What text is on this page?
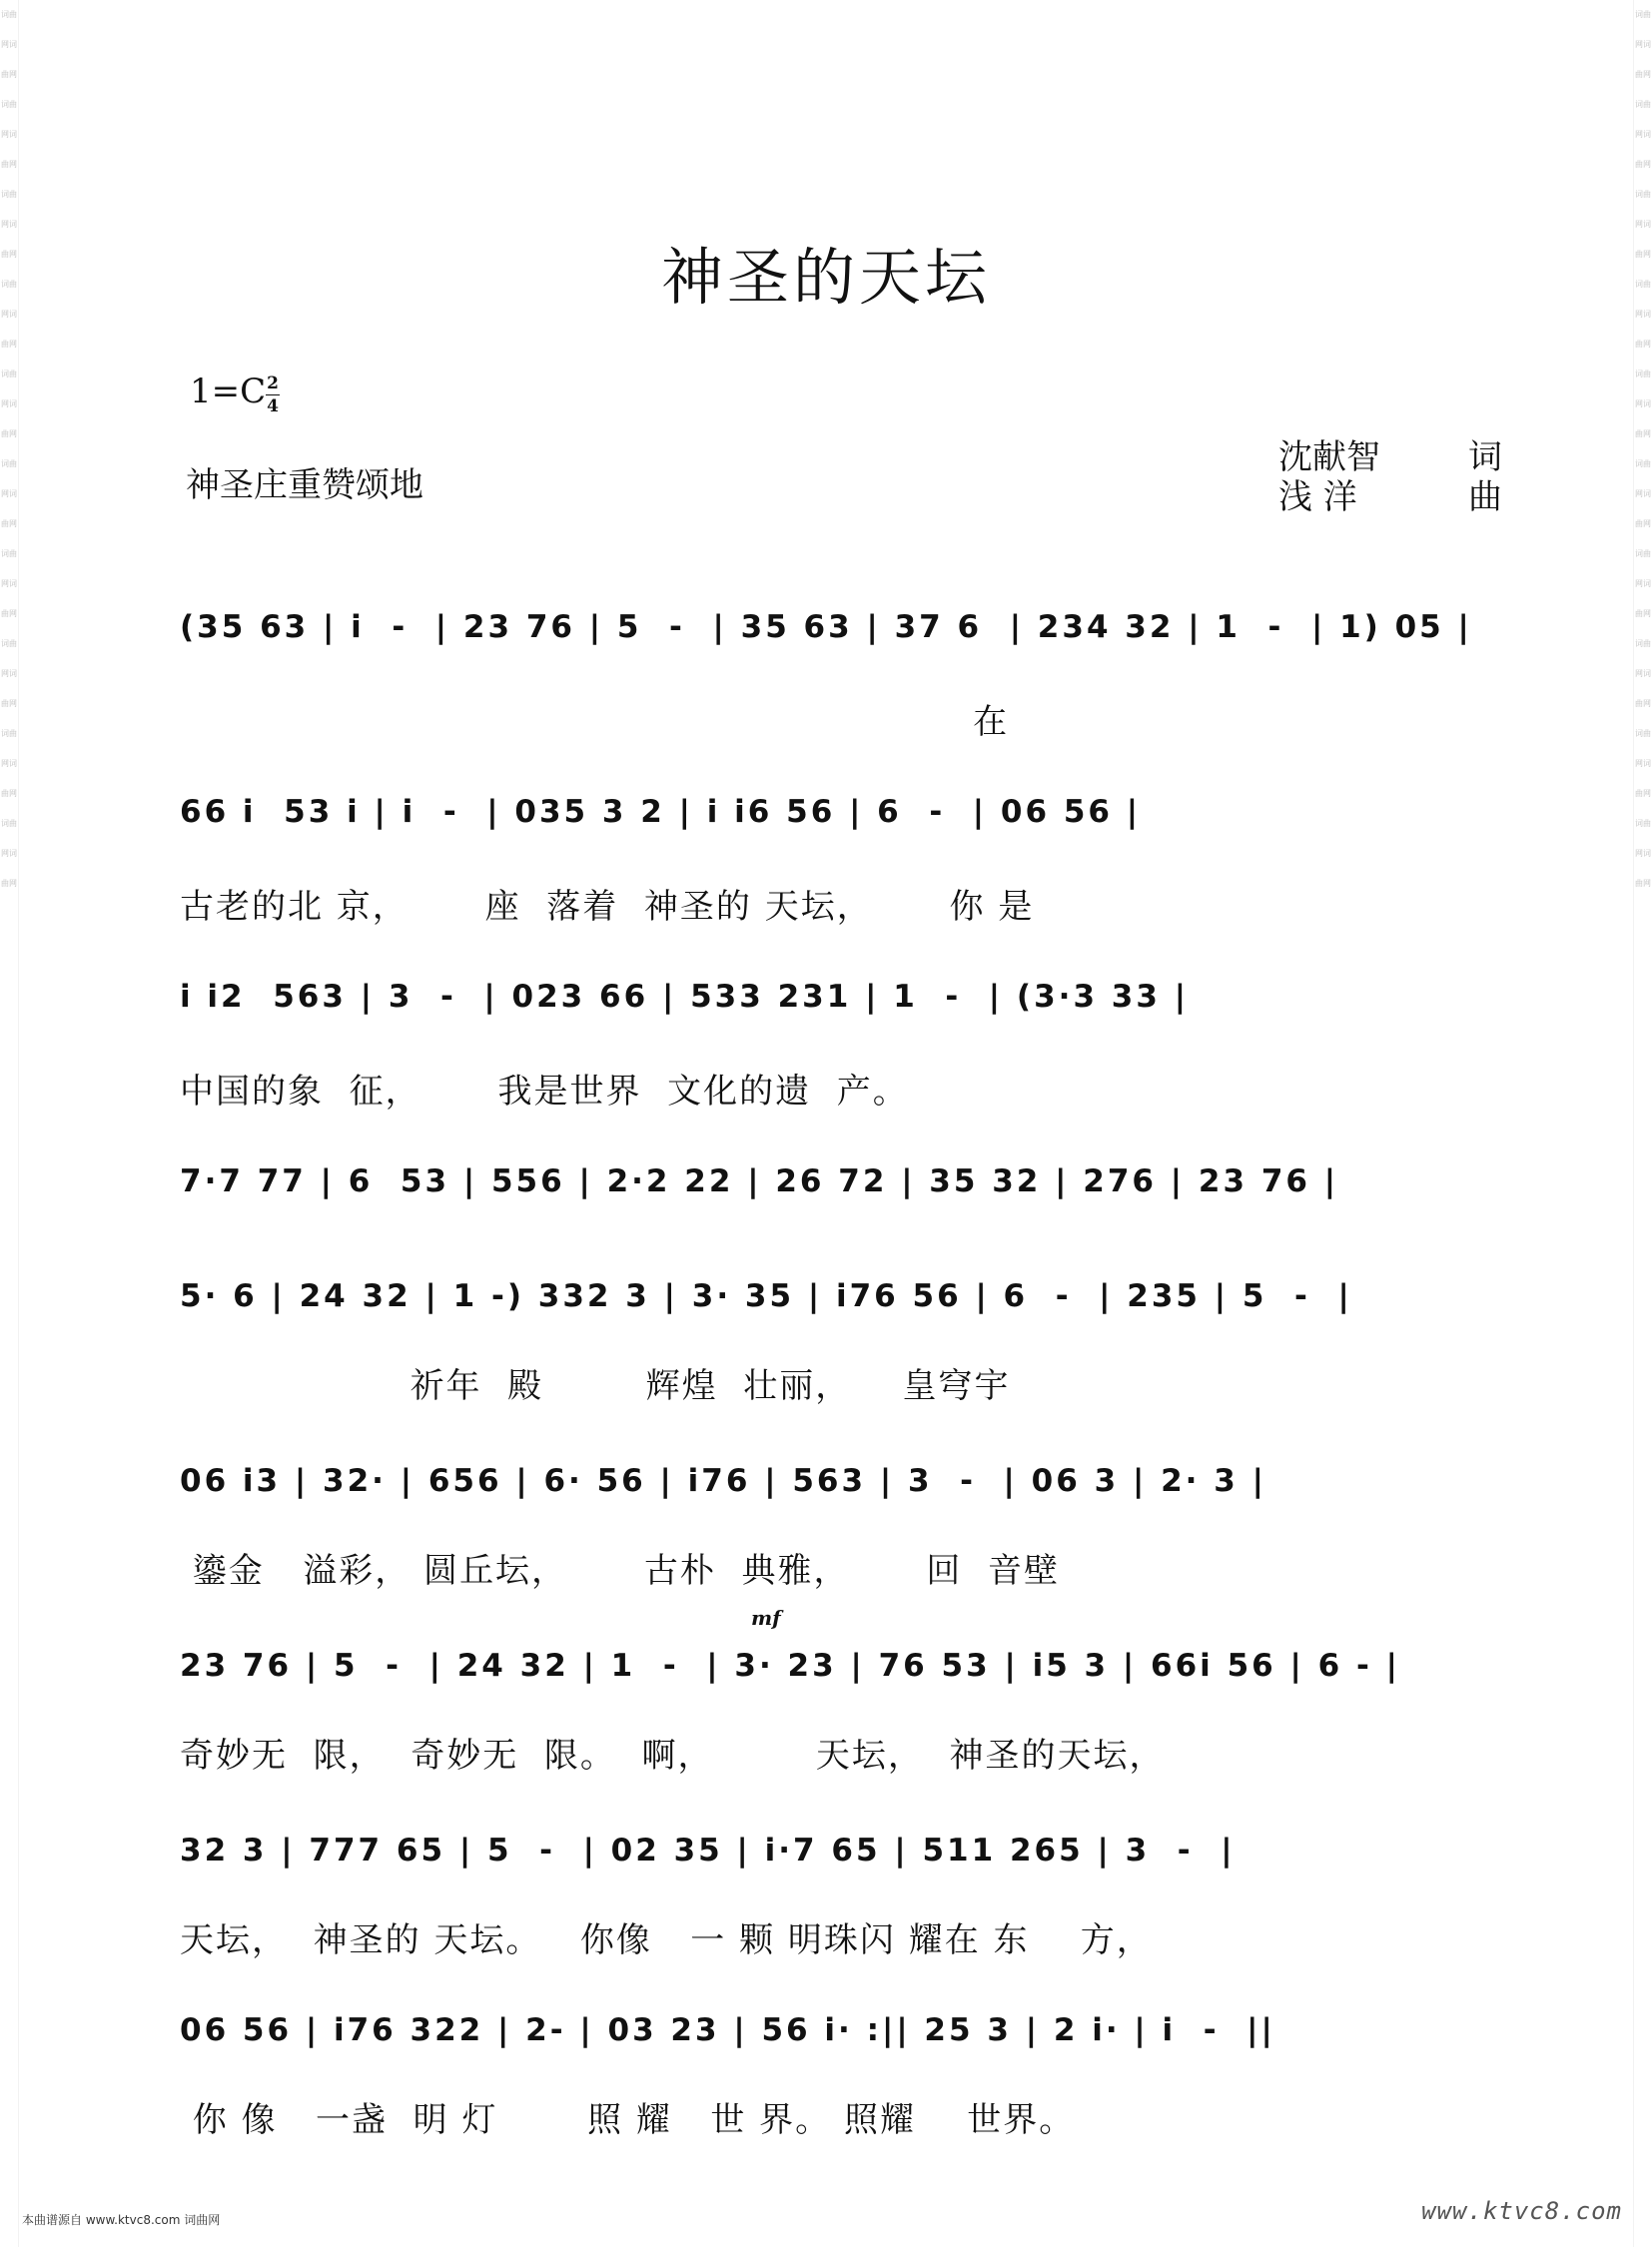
词曲网词曲网词曲网词曲网词曲网词曲网词曲网词曲网词曲网词曲网词曲网词曲网词曲网词曲网词曲网词曲网词曲网词曲网词曲网词曲网
词曲网词曲网词曲网词曲网词曲网词曲网词曲网词曲网词曲网词曲网词曲网词曲网词曲网词曲网词曲网词曲网词曲网词曲网词曲网词曲网
神圣的天坛
1=C 2
4
神圣庄重赞颂地
沈献智	词
浅 洋	曲
(35 63 | i  -  | 23 76 | 5  -  | 35 63 | 37 6  | 234 32 | 1  -  | 1) 05 |
在
66 i  53 i | i  -  | 035 3 2 | i i6 56 | 6  -  | 06 56 |
古老的北 京，      座  落着  神圣的 天坛，      你 是
i i2  563 | 3  -  | 023 66 | 533 231 | 1  -  | (3·3 33 |
中国的象  征，      我是世界  文化的遗  产。
7·7 77 | 6  53 | 556 | 2·2 22 | 26 72 | 35 32 | 276 | 23 76 |
5· 6 | 24 32 | 1 -) 332 3 | 3· 35 | i76 56 | 6  -  | 235 | 5  -  |
祈年  殿        辉煌  壮丽，    皇穹宇
06 i3 | 32· | 656 | 6· 56 | i76 | 563 | 3  -  | 06 3 | 2· 3 |
鎏金   溢彩， 圆丘坛，      古朴  典雅，      回  音壁
mf
23 76 | 5  -  | 24 32 | 1  -  | 3· 23 | 76 53 | i5 3 | 66i 56 | 6 - |
奇妙无  限，  奇妙无  限。  啊，        天坛，  神圣的天坛，
32 3 | 777 65 | 5  -  | 02 35 | i·7 65 | 511 265 | 3  -  |
天坛，  神圣的 天坛。   你像   一 颗 明珠闪 耀在 东    方，
06 56 | i76 322 | 2- | 03 23 | 56 i· :|| 25 3 | 2 i· | i  -  ||
你 像   一盏  明 灯       照 耀   世 界。 照耀    世界。
本曲谱源自 www.ktvc8.com 词曲网	www.ktvc8.com
